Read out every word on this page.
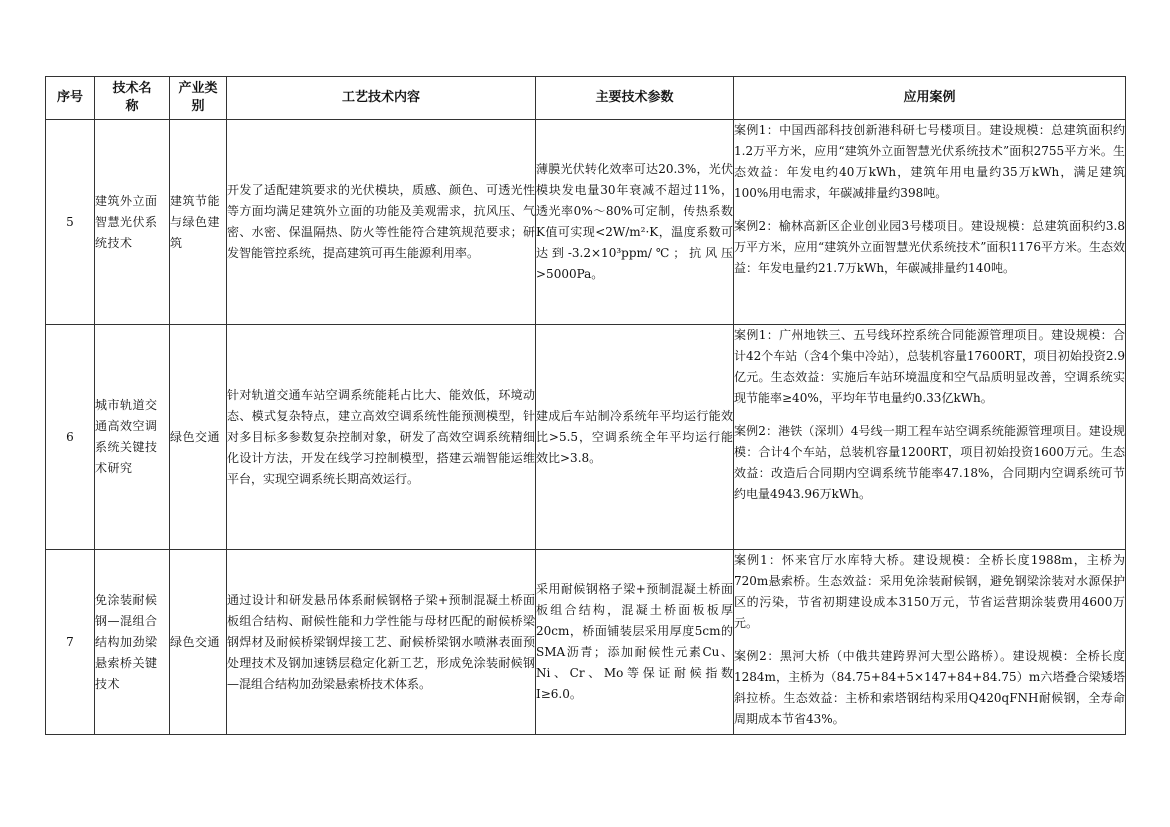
序号	技术名称	产业类别	工艺技术内容	主要技术参数	应用案例
5	建筑外立面智慧光伏系统技术	建筑节能与绿色建筑	开发了适配建筑要求的光伏模块，质感、颜色、可透光性等方面均满足建筑外立面的功能及美观需求，抗风压、气密、水密、保温隔热、防火等性能符合建筑规范要求；研发智能管控系统，提高建筑可再生能源利用率。	薄膜光伏转化效率可达20.3%，光伏模块发电量30年衰减不超过11%，透光率0%～80%可定制，传热系数K值可实现<2W/m²·K，温度系数可达到-3.2×10³ppm/℃；抗风压>5000Pa。	案例1：中国西部科技创新港科研七号楼项目。建设规模：总建筑面积约1.2万平方米，应用“建筑外立面智慧光伏系统技术”面积2755平方米。生态效益：年发电约40万kWh，建筑年用电量约35万kWh，满足建筑100%用电需求，年碳减排量约398吨。

案例2：榆林高新区企业创业园3号楼项目。建设规模：总建筑面积约3.8万平方米，应用“建筑外立面智慧光伏系统技术”面积1176平方米。生态效益：年发电量约21.7万kWh，年碳减排量约140吨。

6	城市轨道交通高效空调系统关键技术研究	绿色交通	针对轨道交通车站空调系统能耗占比大、能效低，环境动态、模式复杂特点，建立高效空调系统性能预测模型，针对多目标多参数复杂控制对象，研发了高效空调系统精细化设计方法，开发在线学习控制模型，搭建云端智能运维平台，实现空调系统长期高效运行。	建成后车站制冷系统年平均运行能效比>5.5，空调系统全年平均运行能效比>3.8。	案例1：广州地铁三、五号线环控系统合同能源管理项目。建设规模：合计42个车站（含4个集中冷站），总装机容量17600RT，项目初始投资2.9亿元。生态效益：实施后车站环境温度和空气品质明显改善，空调系统实现节能率≥40%，平均年节电量约0.33亿kWh。

案例2：港铁（深圳）4号线一期工程车站空调系统能源管理项目。建设规模：合计4个车站，总装机容量1200RT，项目初始投资1600万元。生态效益：改造后合同期内空调系统节能率47.18%，合同期内空调系统可节约电量4943.96万kWh。

7	免涂装耐候钢—混组合结构加劲梁悬索桥关键技术	绿色交通	通过设计和研发悬吊体系耐候钢格子梁+预制混凝土桥面板组合结构、耐候性能和力学性能与母材匹配的耐候桥梁钢焊材及耐候桥梁钢焊接工艺、耐候桥梁钢水喷淋表面预处理技术及钢加速锈层稳定化新工艺，形成免涂装耐候钢—混组合结构加劲梁悬索桥技术体系。	采用耐候钢格子梁+预制混凝土桥面板组合结构，混凝土桥面板板厚20cm，桥面铺装层采用厚度5cm的SMA沥青；添加耐候性元素Cu、Ni、Cr、Mo等保证耐候指数I≥6.0。	案例1：怀来官厅水库特大桥。建设规模：全桥长度1988m，主桥为720m悬索桥。生态效益：采用免涂装耐候钢，避免钢梁涂装对水源保护区的污染，节省初期建设成本3150万元，节省运营期涂装费用4600万元。

案例2：黑河大桥（中俄共建跨界河大型公路桥）。建设规模：全桥长度1284m，主桥为（84.75+84+5×147+84+84.75）m六塔叠合梁矮塔斜拉桥。生态效益：主桥和索塔钢结构采用Q420qFNH耐候钢，全寿命周期成本节省43%。
